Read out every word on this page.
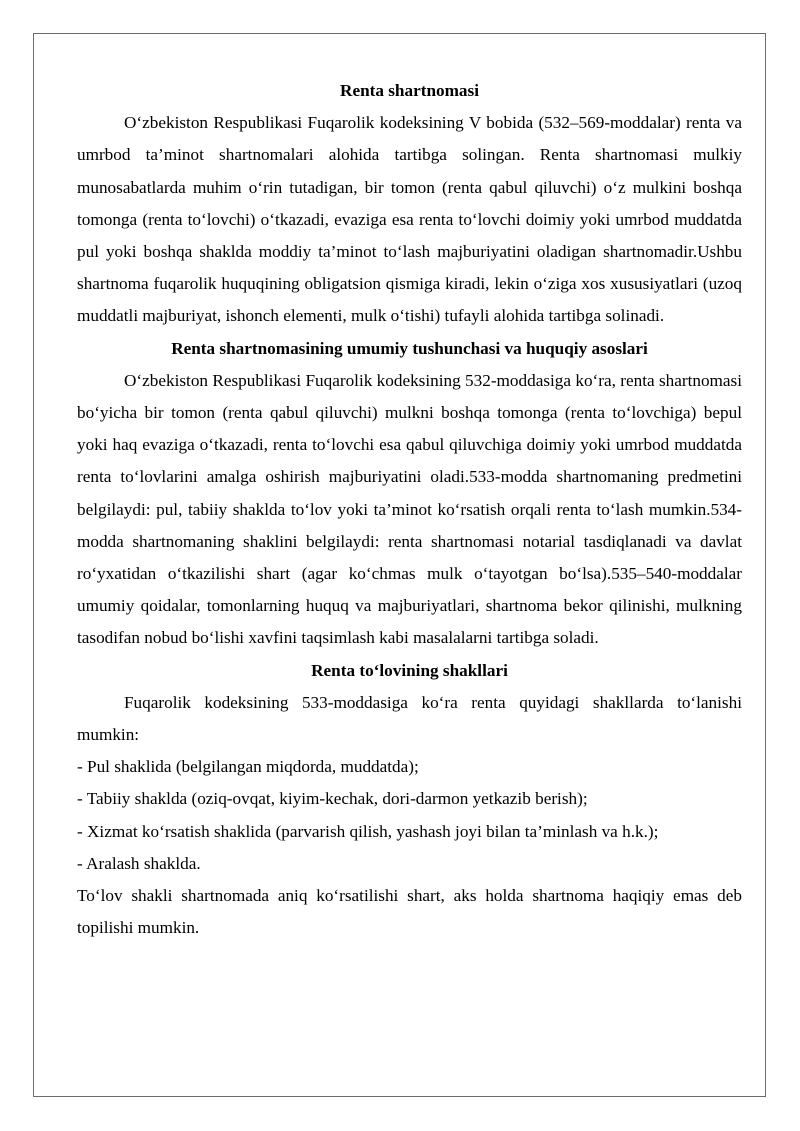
Renta shartnomasi

O‘zbekiston Respublikasi Fuqarolik kodeksining V bobida (532–569-moddalar) renta va umrbod ta’minot shartnomalari alohida tartibga solingan. Renta shartnomasi mulkiy munosabatlarda muhim o‘rin tutadigan, bir tomon (renta qabul qiluvchi) o‘z mulkini boshqa tomonga (renta to‘lovchi) o‘tkazadi, evaziga esa renta to‘lovchi doimiy yoki umrbod muddatda pul yoki boshqa shaklda moddiy ta’minot to‘lash majburiyatini oladigan shartnomadir.Ushbu shartnoma fuqarolik huquqining obligatsion qismiga kiradi, lekin o‘ziga xos xususiyatlari (uzoq muddatli majburiyat, ishonch elementi, mulk o‘tishi) tufayli alohida tartibga solinadi.

Renta shartnomasining umumiy tushunchasi va huquqiy asoslari

O‘zbekiston Respublikasi Fuqarolik kodeksining 532-moddasiga ko‘ra, renta shartnomasi bo‘yicha bir tomon (renta qabul qiluvchi) mulkni boshqa tomonga (renta to‘lovchiga) bepul yoki haq evaziga o‘tkazadi, renta to‘lovchi esa qabul qiluvchiga doimiy yoki umrbod muddatda renta to‘lovlarini amalga oshirish majburiyatini oladi.533-modda shartnomaning predmetini belgilaydi: pul, tabiiy shaklda to‘lov yoki ta’minot ko‘rsatish orqali renta to‘lash mumkin.534-modda shartnomaning shaklini belgilaydi: renta shartnomasi notarial tasdiqlanadi va davlat ro‘yxatidan o‘tkazilishi shart (agar ko‘chmas mulk o‘tayotgan bo‘lsa).535–540-moddalar umumiy qoidalar, tomonlarning huquq va majburiyatlari, shartnoma bekor qilinishi, mulkning tasodifan nobud bo‘lishi xavfini taqsimlash kabi masalalarni tartibga soladi.

Renta to‘lovining shakllari

Fuqarolik kodeksining 533-moddasiga ko‘ra renta quyidagi shakllarda to‘lanishi mumkin:

- Pul shaklida (belgilangan miqdorda, muddatda);

- Tabiiy shaklda (oziq-ovqat, kiyim-kechak, dori-darmon yetkazib berish);

- Xizmat ko‘rsatish shaklida (parvarish qilish, yashash joyi bilan ta’minlash va h.k.);

- Aralash shaklda.

To‘lov shakli shartnomada aniq ko‘rsatilishi shart, aks holda shartnoma haqiqiy emas deb topilishi mumkin.
